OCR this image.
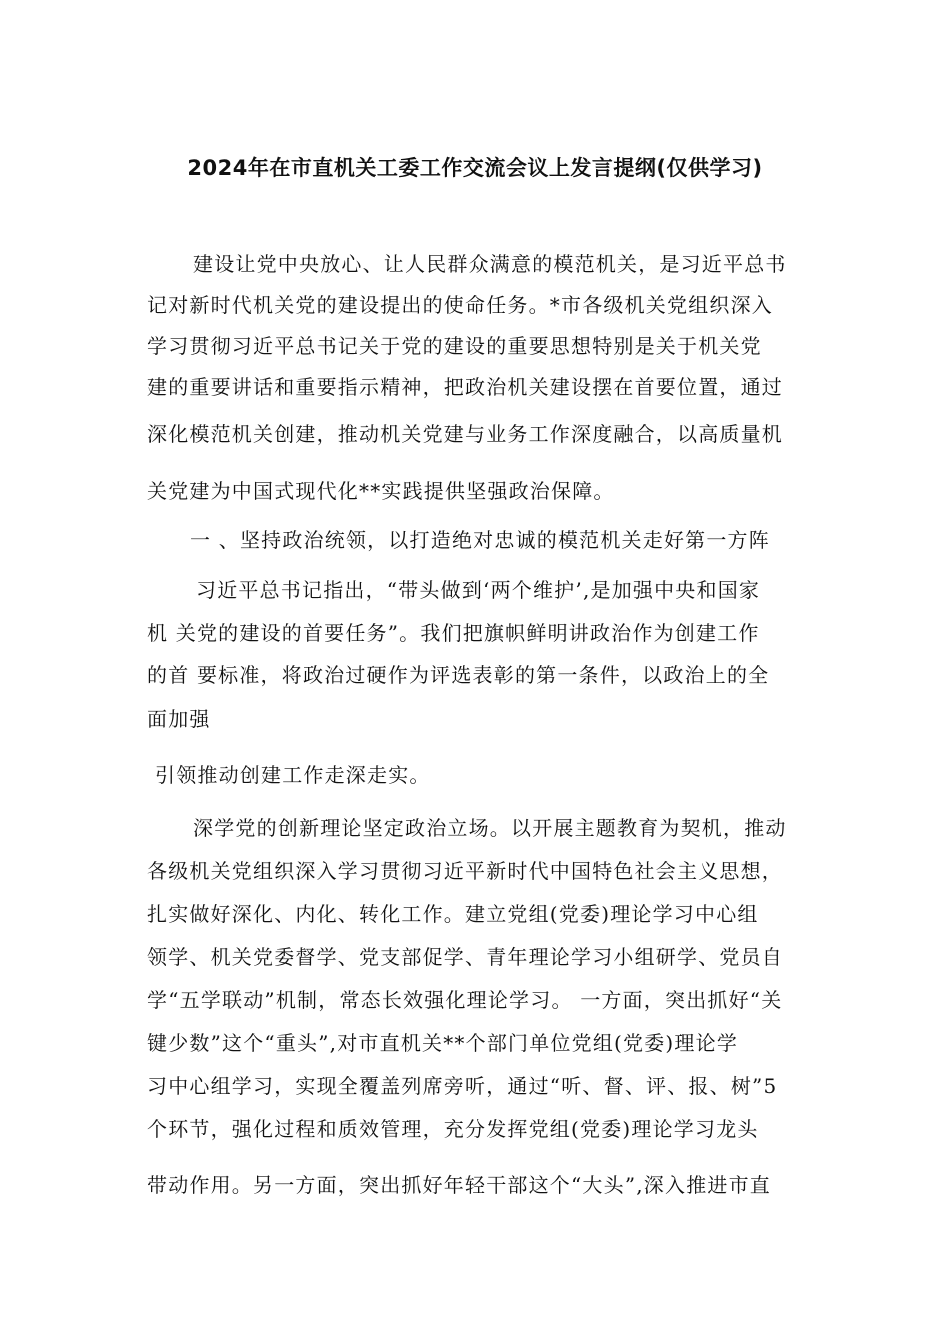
2024年在市直机关工委工作交流会议上发言提纲(仅供学习)
建设让党中央放心、让人民群众满意的模范机关，是习近平总书
记对新时代机关党的建设提出的使命任务。*市各级机关党组织深入
学习贯彻习近平总书记关于党的建设的重要思想特别是关于机关党
建的重要讲话和重要指示精神，把政治机关建设摆在首要位置，通过
深化模范机关创建，推动机关党建与业务工作深度融合，以高质量机
关党建为中国式现代化**实践提供坚强政治保障。
一 、坚持政治统领，以打造绝对忠诚的模范机关走好第一方阵
习近平总书记指出，“带头做到‘两个维护’,是加强中央和国家
机 关党的建设的首要任务”。我们把旗帜鲜明讲政治作为创建工作
的首 要标准，将政治过硬作为评选表彰的第一条件，以政治上的全
面加强
引领推动创建工作走深走实。
深学党的创新理论坚定政治立场。以开展主题教育为契机，推动
各级机关党组织深入学习贯彻习近平新时代中国特色社会主义思想，
扎实做好深化、内化、转化工作。建立党组(党委)理论学习中心组
领学、机关党委督学、党支部促学、青年理论学习小组研学、党员自
学“五学联动”机制，常态长效强化理论学习。 一方面，突出抓好“关
键少数”这个“重头”,对市直机关**个部门单位党组(党委)理论学
习中心组学习，实现全覆盖列席旁听，通过“听、督、评、报、树”5
个环节，强化过程和质效管理，充分发挥党组(党委)理论学习龙头
带动作用。另一方面，突出抓好年轻干部这个“大头”,深入推进市直
